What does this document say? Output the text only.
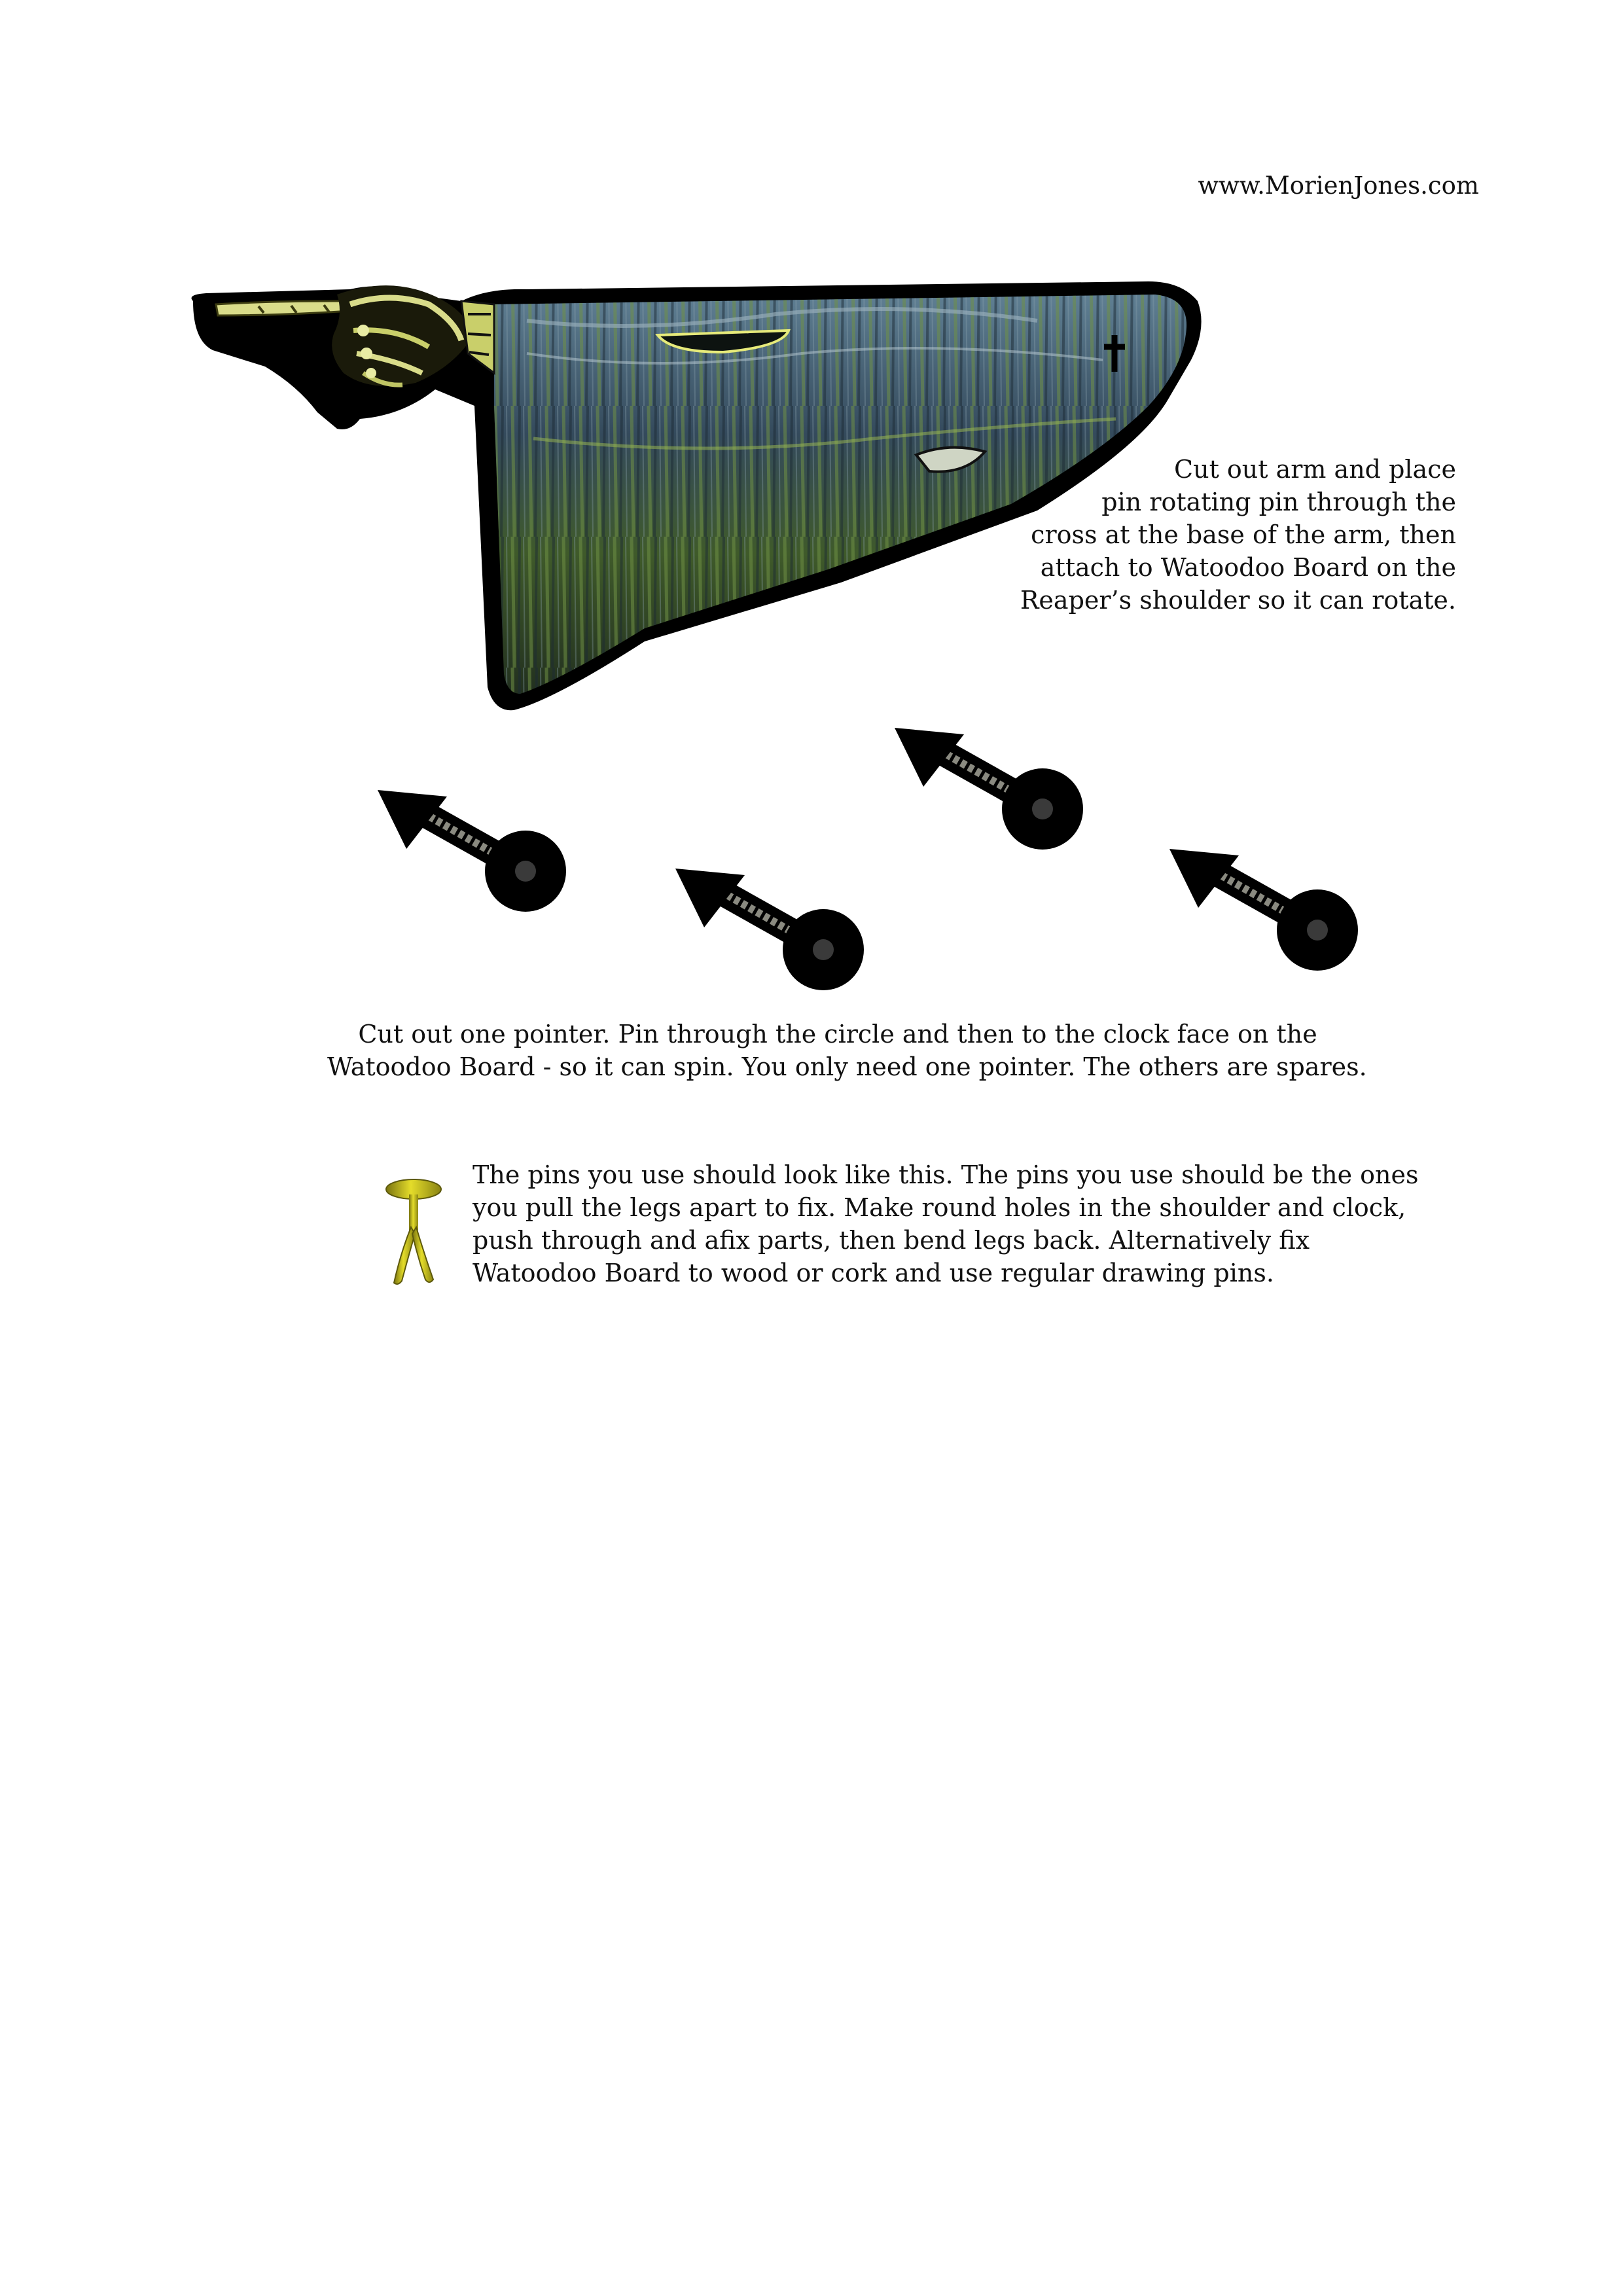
www.MorienJones.com
Cut out arm and place
pin rotating pin through the
cross at the base of the arm, then
attach to Watoodoo Board on the
Reaper’s shoulder so it can rotate.
Cut out one pointer. Pin through the circle and then to the clock face on the
Watoodoo Board - so it can spin. You only need one pointer. The others are spares.
The pins you use should look like this. The pins you use should be the ones
you pull the legs apart to fix. Make round holes in the shoulder and clock,
push through and afix parts, then bend legs back. Alternatively fix
Watoodoo Board to wood or cork and use regular drawing pins.
